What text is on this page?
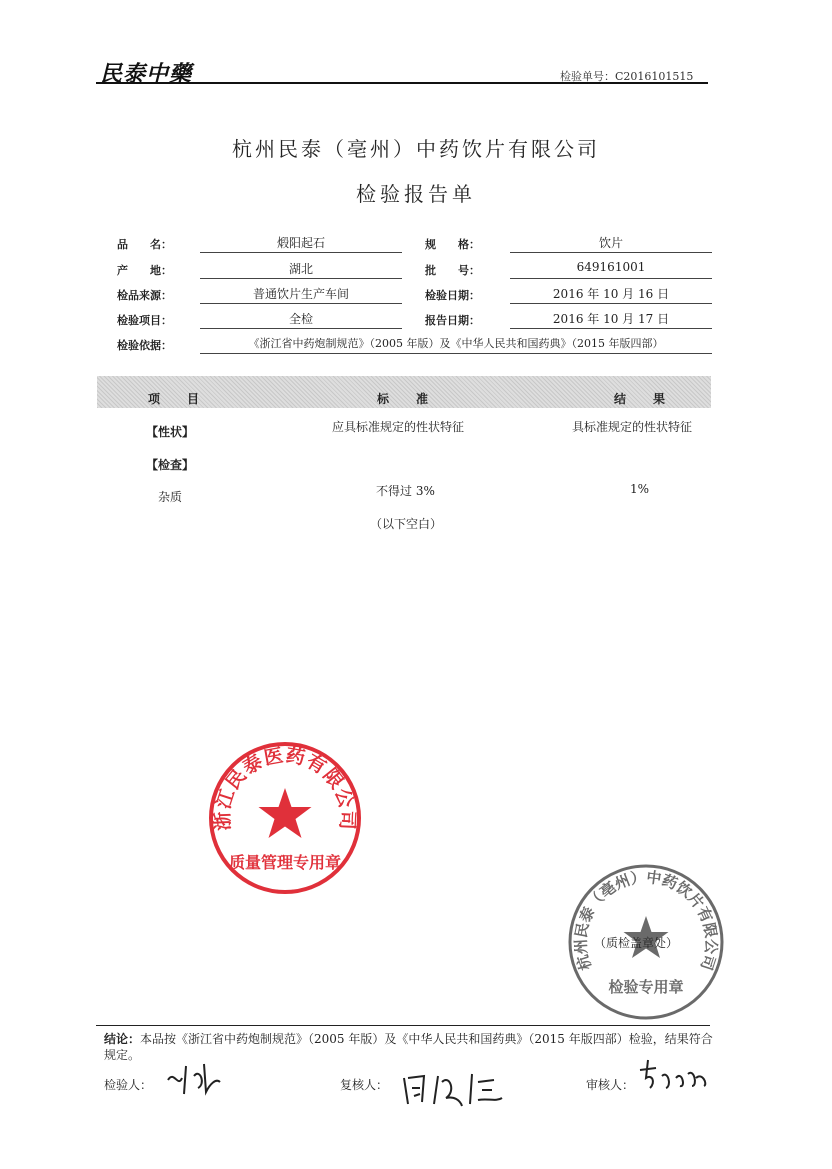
民泰中藥	检验单号：C2016101515
杭州民泰（亳州）中药饮片有限公司
检验报告单
品　　名：	煅阳起石	规　　格：	饮片
产　　地：	湖北	批　　号：	649161001
检品来源：	普通饮片生产车间	检验日期：	2016 年 10 月 16 日
检验项目：	全检	报告日期：	2016 年 10 月 17 日
检验依据：	《浙江省中药炮制规范》（2005 年版）及《中华人民共和国药典》（2015 年版四部）
项　　目	标　　准	结　　果
【性状】	应具标准规定的性状特征	具标准规定的性状特征
【检查】
杂质	不得过 3%	1%
（以下空白）
浙江民泰医药有限公司
质量管理专用章
杭州民泰（亳州）中药饮片有限公司
检验专用章
（质检盖章处）
结论：本品按《浙江省中药炮制规范》（2005 年版）及《中华人民共和国药典》（2015 年版四部）检验，结果符合规定。
检验人：	复核人：	审核人：
